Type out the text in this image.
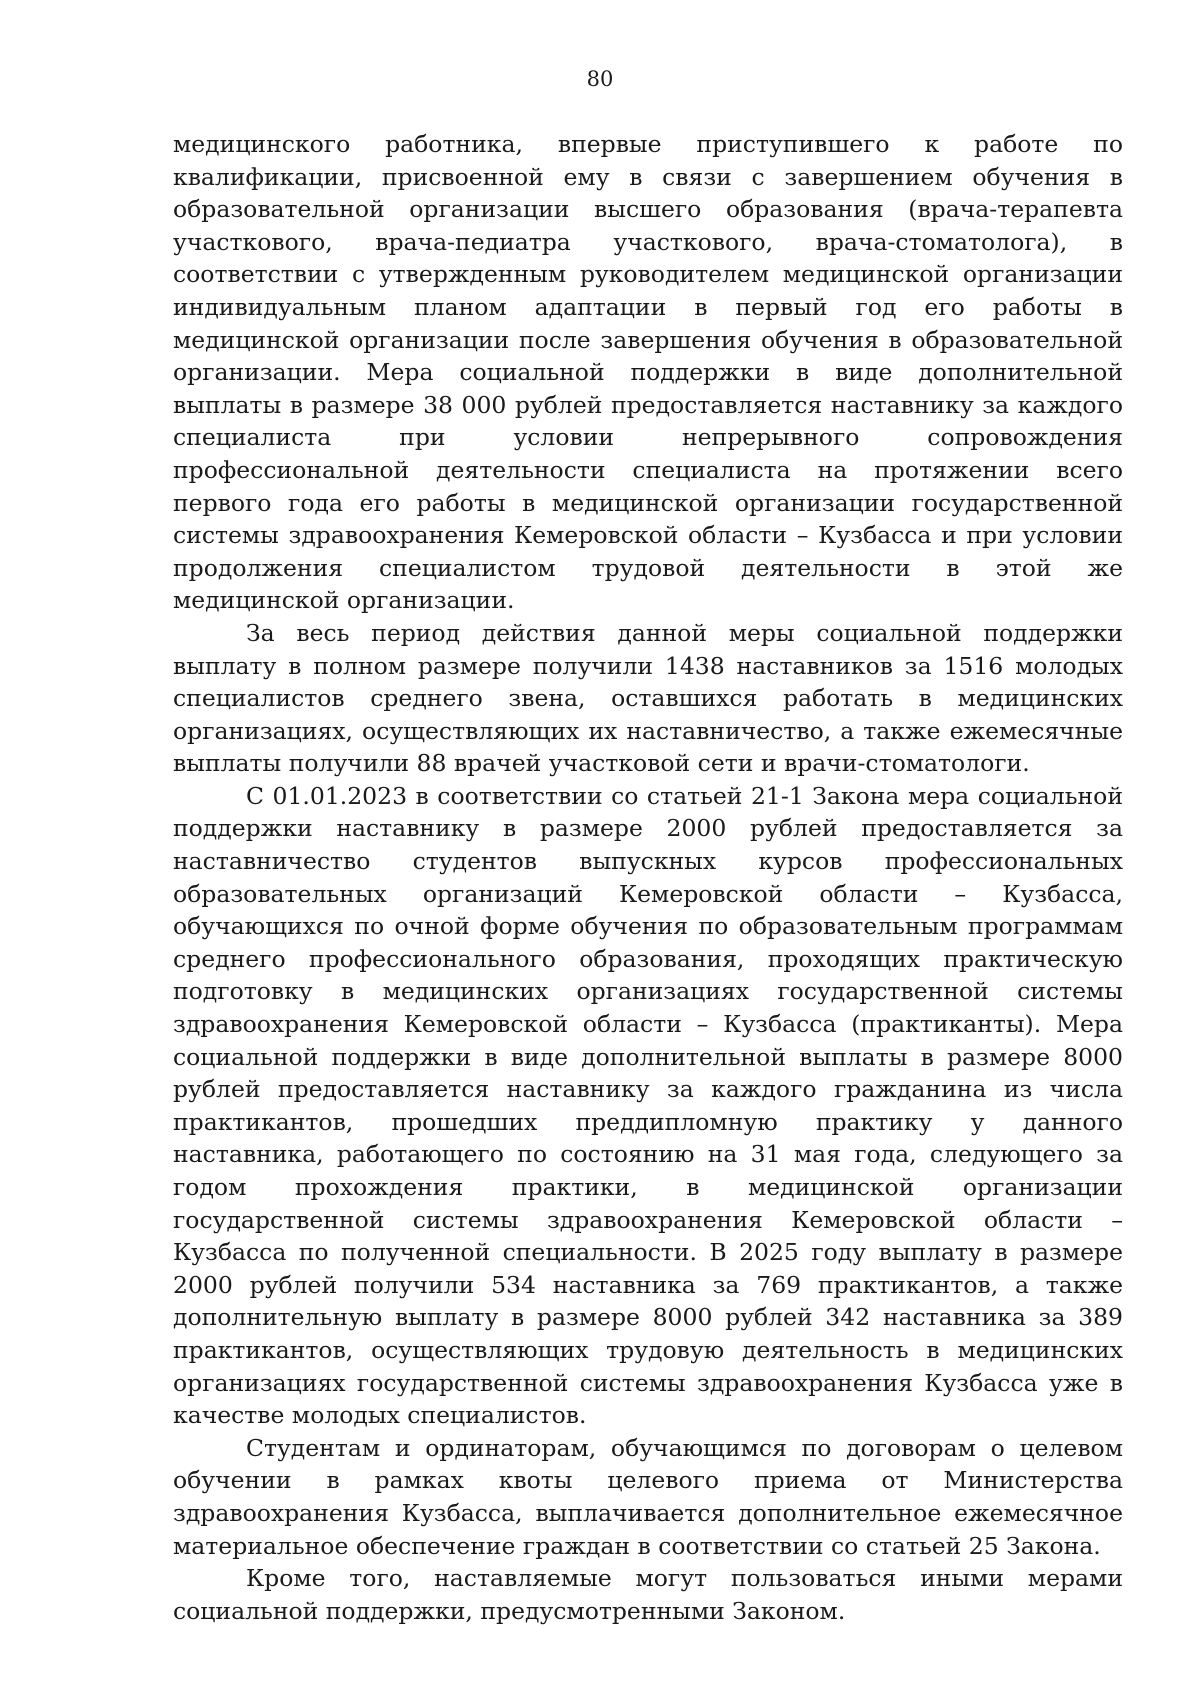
80

медицинского работника, впервые приступившего к работе по квалификации, присвоенной ему в связи с завершением обучения в образовательной организации высшего образования (врача-терапевта участкового, врача-педиатра участкового, врача-стоматолога), в соответствии с утвержденным руководителем медицинской организации индивидуальным планом адаптации в первый год его работы в медицинской организации после завершения обучения в образовательной организации. Мера социальной поддержки в виде дополнительной выплаты в размере 38 000 рублей предоставляется наставнику за каждого специалиста при условии непрерывного сопровождения профессиональной деятельности специалиста на протяжении всего первого года его работы в медицинской организации государственной системы здравоохранения Кемеровской области – Кузбасса и при условии продолжения специалистом трудовой деятельности в этой же медицинской организации.

За весь период действия данной меры социальной поддержки выплату в полном размере получили 1438 наставников за 1516 молодых специалистов среднего звена, оставшихся работать в медицинских организациях, осуществляющих их наставничество, а также ежемесячные выплаты получили 88 врачей участковой сети и врачи-стоматологи.

С 01.01.2023 в соответствии со статьей 21-1 Закона мера социальной поддержки наставнику в размере 2000 рублей предоставляется за наставничество студентов выпускных курсов профессиональных образовательных организаций Кемеровской области – Кузбасса, обучающихся по очной форме обучения по образовательным программам среднего профессионального образования, проходящих практическую подготовку в медицинских организациях государственной системы здравоохранения Кемеровской области – Кузбасса (практиканты). Мера социальной поддержки в виде дополнительной выплаты в размере 8000 рублей предоставляется наставнику за каждого гражданина из числа практикантов, прошедших преддипломную практику у данного наставника, работающего по состоянию на 31 мая года, следующего за годом прохождения практики, в медицинской организации государственной системы здравоохранения Кемеровской области – Кузбасса по полученной специальности. В 2025 году выплату в размере 2000 рублей получили 534 наставника за 769 практикантов, а также дополнительную выплату в размере 8000 рублей 342 наставника за 389 практикантов, осуществляющих трудовую деятельность в медицинских организациях государственной системы здравоохранения Кузбасса уже в качестве молодых специалистов.

Студентам и ординаторам, обучающимся по договорам о целевом обучении в рамках квоты целевого приема от Министерства здравоохранения Кузбасса, выплачивается дополнительное ежемесячное материальное обеспечение граждан в соответствии со статьей 25 Закона.

Кроме того, наставляемые могут пользоваться иными мерами социальной поддержки, предусмотренными Законом.
